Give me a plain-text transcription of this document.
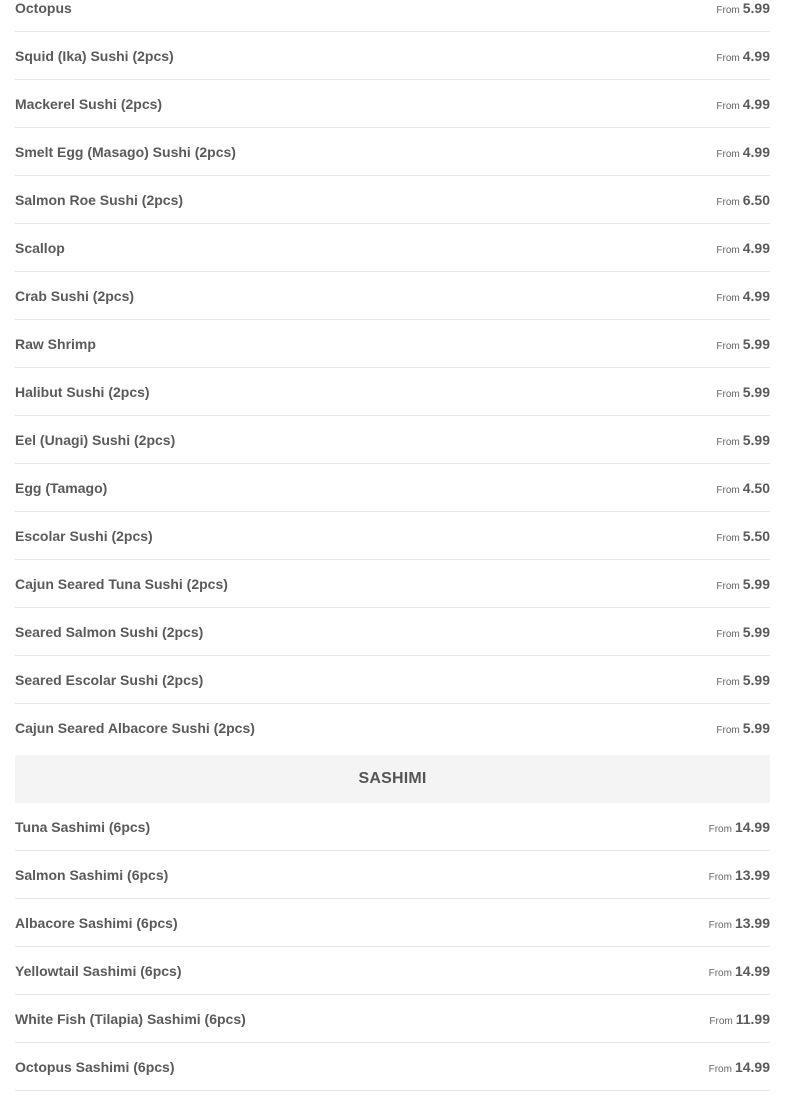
Octopus	From 5.99
Squid (Ika) Sushi (2pcs)	From 4.99
Mackerel Sushi (2pcs)	From 4.99
Smelt Egg (Masago) Sushi (2pcs)	From 4.99
Salmon Roe Sushi (2pcs)	From 6.50
Scallop	From 4.99
Crab Sushi (2pcs)	From 4.99
Raw Shrimp	From 5.99
Halibut Sushi (2pcs)	From 5.99
Eel (Unagi) Sushi (2pcs)	From 5.99
Egg (Tamago)	From 4.50
Escolar Sushi (2pcs)	From 5.50
Cajun Seared Tuna Sushi (2pcs)	From 5.99
Seared Salmon Sushi (2pcs)	From 5.99
Seared Escolar Sushi (2pcs)	From 5.99
Cajun Seared Albacore Sushi (2pcs)	From 5.99
SASHIMI
Tuna Sashimi (6pcs)	From 14.99
Salmon Sashimi (6pcs)	From 13.99
Albacore Sashimi (6pcs)	From 13.99
Yellowtail Sashimi (6pcs)	From 14.99
White Fish (Tilapia) Sashimi (6pcs)	From 11.99
Octopus Sashimi (6pcs)	From 14.99
